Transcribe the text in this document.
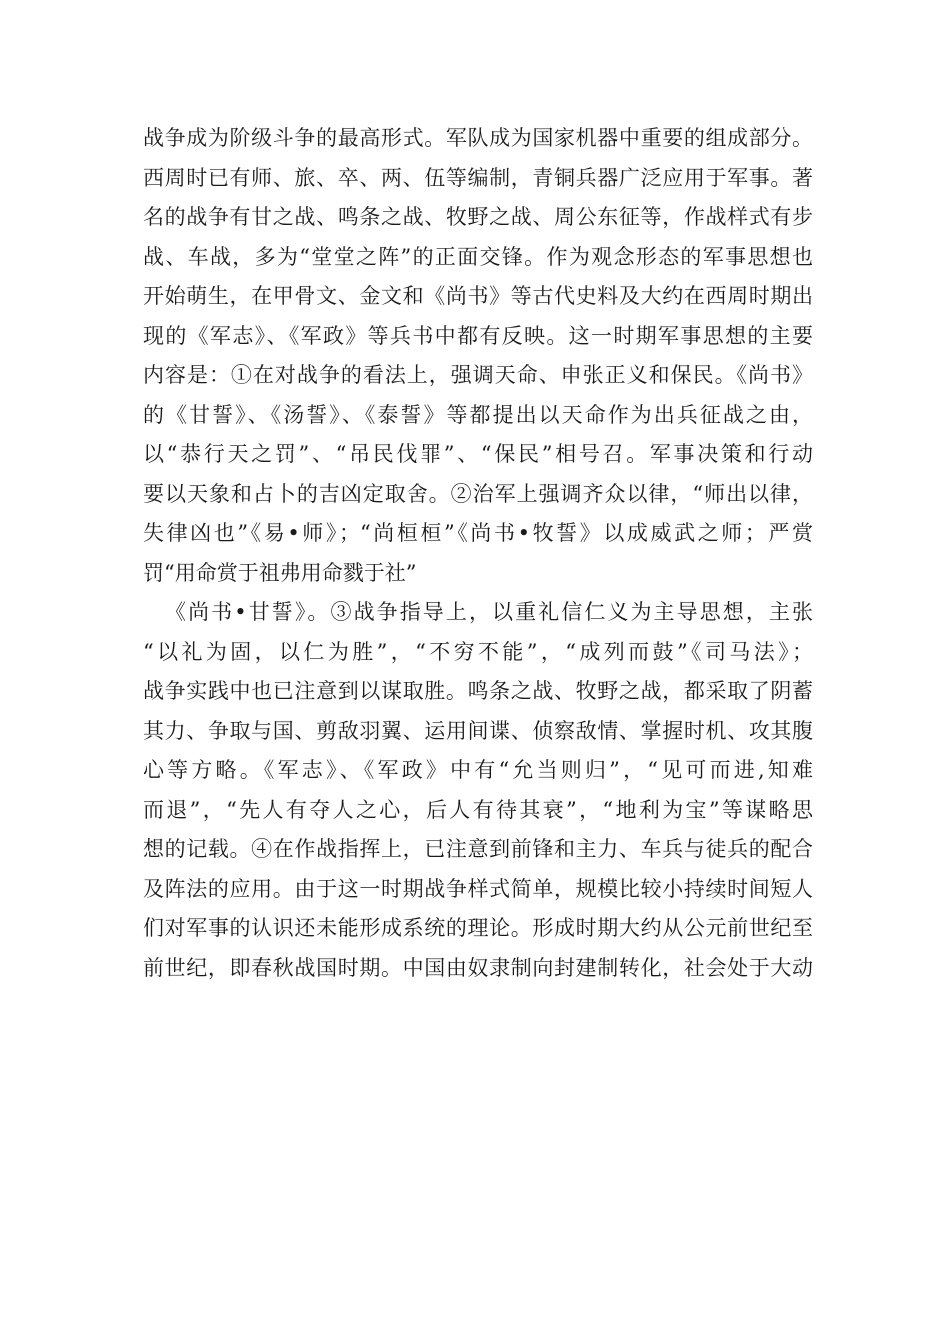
战争成为阶级斗争的最高形式。军队成为国家机器中重要的组成部分。
西周时已有师、旅、卒、两、伍等编制，青铜兵器广泛应用于军事。著
名的战争有甘之战、鸣条之战、牧野之战、周公东征等，作战样式有步
战、车战，多为“堂堂之阵”的正面交锋。作为观念形态的军事思想也
开始萌生，在甲骨文、金文和《尚书》等古代史料及大约在西周时期出
现的《军志》、《军政》等兵书中都有反映。这一时期军事思想的主要
内容是：①在对战争的看法上，强调天命、申张正义和保民。《尚书》
的《甘誓》、《汤誓》、《泰誓》等都提出以天命作为出兵征战之由，
以“恭行天之罚”、“吊民伐罪”、“保民”相号召。军事决策和行动
要以天象和占卜的吉凶定取舍。②治军上强调齐众以律，“师出以律，
失律凶也”《易•师》；“尚桓桓”《尚书•牧誓》以成威武之师；严赏
罚“用命赏于祖弗用命戮于社”
《尚书•甘誓》。③战争指导上，以重礼信仁义为主导思想，主张
“以礼为固，以仁为胜”，“不穷不能”，“成列而鼓”《司马法》；
战争实践中也已注意到以谋取胜。鸣条之战、牧野之战，都采取了阴蓄
其力、争取与国、剪敌羽翼、运用间谍、侦察敌情、掌握时机、攻其腹
心等方略。《军志》、《军政》中有“允当则归”，“见可而进,知难
而退”，“先人有夺人之心，后人有待其衰”，“地利为宝”等谋略思
想的记载。④在作战指挥上，已注意到前锋和主力、车兵与徒兵的配合
及阵法的应用。由于这一时期战争样式简单，规模比较小持续时间短人
们对军事的认识还未能形成系统的理论。形成时期大约从公元前世纪至
前世纪，即春秋战国时期。中国由奴隶制向封建制转化，社会处于大动
